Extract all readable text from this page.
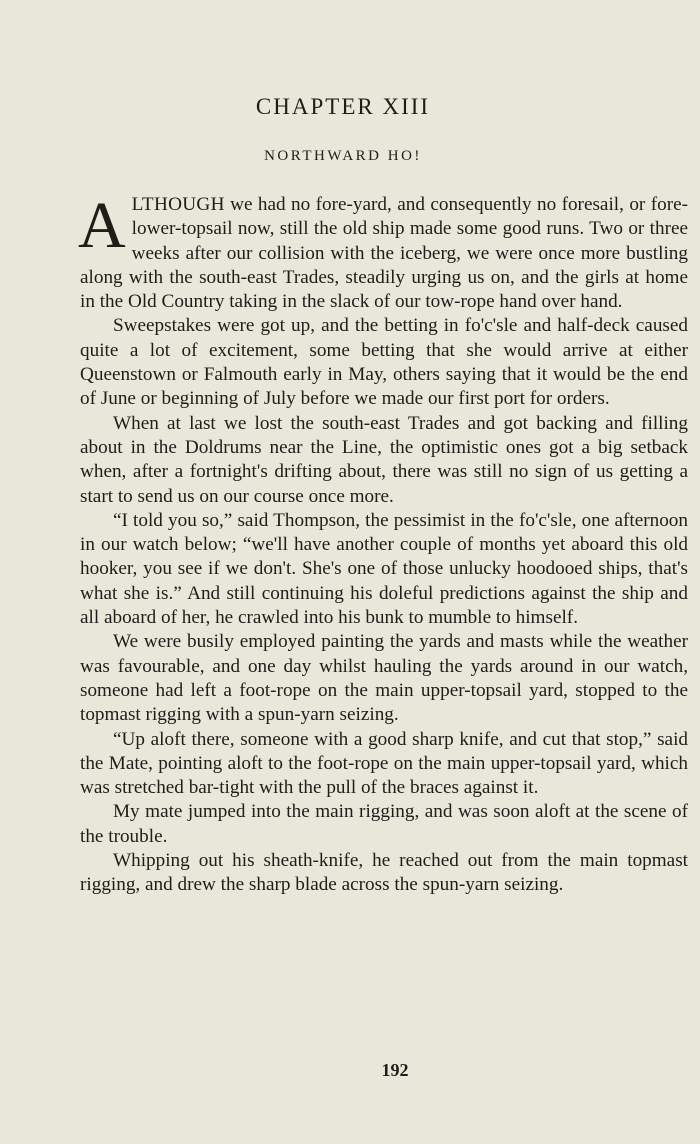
CHAPTER XIII
NORTHWARD HO!

ALTHOUGH we had no fore-yard, and consequently no foresail, or fore-lower-topsail now, still the old ship made some good runs. Two or three weeks after our collision with the iceberg, we were once more bustling along with the south-east Trades, steadily urging us on, and the girls at home in the Old Country taking in the slack of our tow-rope hand over hand.

Sweepstakes were got up, and the betting in fo'c'sle and half-deck caused quite a lot of excitement, some betting that she would arrive at either Queenstown or Falmouth early in May, others saying that it would be the end of June or beginning of July before we made our first port for orders.

When at last we lost the south-east Trades and got backing and filling about in the Doldrums near the Line, the optimistic ones got a big setback when, after a fortnight's drifting about, there was still no sign of us getting a start to send us on our course once more.

“I told you so,” said Thompson, the pessimist in the fo'c'sle, one afternoon in our watch below; “we'll have another couple of months yet aboard this old hooker, you see if we don't. She's one of those unlucky hoodooed ships, that's what she is.” And still continuing his doleful predictions against the ship and all aboard of her, he crawled into his bunk to mumble to himself.

We were busily employed painting the yards and masts while the weather was favourable, and one day whilst hauling the yards around in our watch, someone had left a foot-rope on the main upper-topsail yard, stopped to the topmast rigging with a spun-yarn seizing.

“Up aloft there, someone with a good sharp knife, and cut that stop,” said the Mate, pointing aloft to the foot-rope on the main upper-topsail yard, which was stretched bar-tight with the pull of the braces against it.

My mate jumped into the main rigging, and was soon aloft at the scene of the trouble.

Whipping out his sheath-knife, he reached out from the main topmast rigging, and drew the sharp blade across the spun-yarn seizing.

192
